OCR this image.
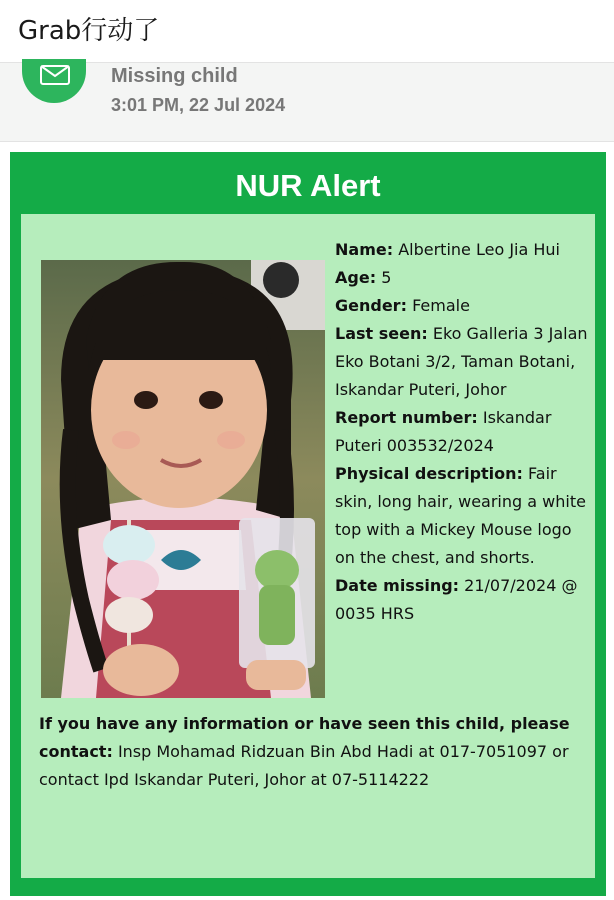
Grab行动了
Missing child
3:01 PM, 22 Jul 2024
NUR Alert

Name: Albertine Leo Jia Hui

Age: 5

Gender: Female

Last seen: Eko Galleria 3 Jalan Eko Botani 3/2, Taman Botani, Iskandar Puteri, Johor

Report number: Iskandar Puteri 003532/2024

Physical description: Fair skin, long hair, wearing a white top with a Mickey Mouse logo on the chest, and shorts.

Date missing: 21/07/2024 @ 0035 HRS

If you have any information or have seen this child, please contact: Insp Mohamad Ridzuan Bin Abd Hadi at 017-7051097 or contact Ipd Iskandar Puteri, Johor at 07-5114222
